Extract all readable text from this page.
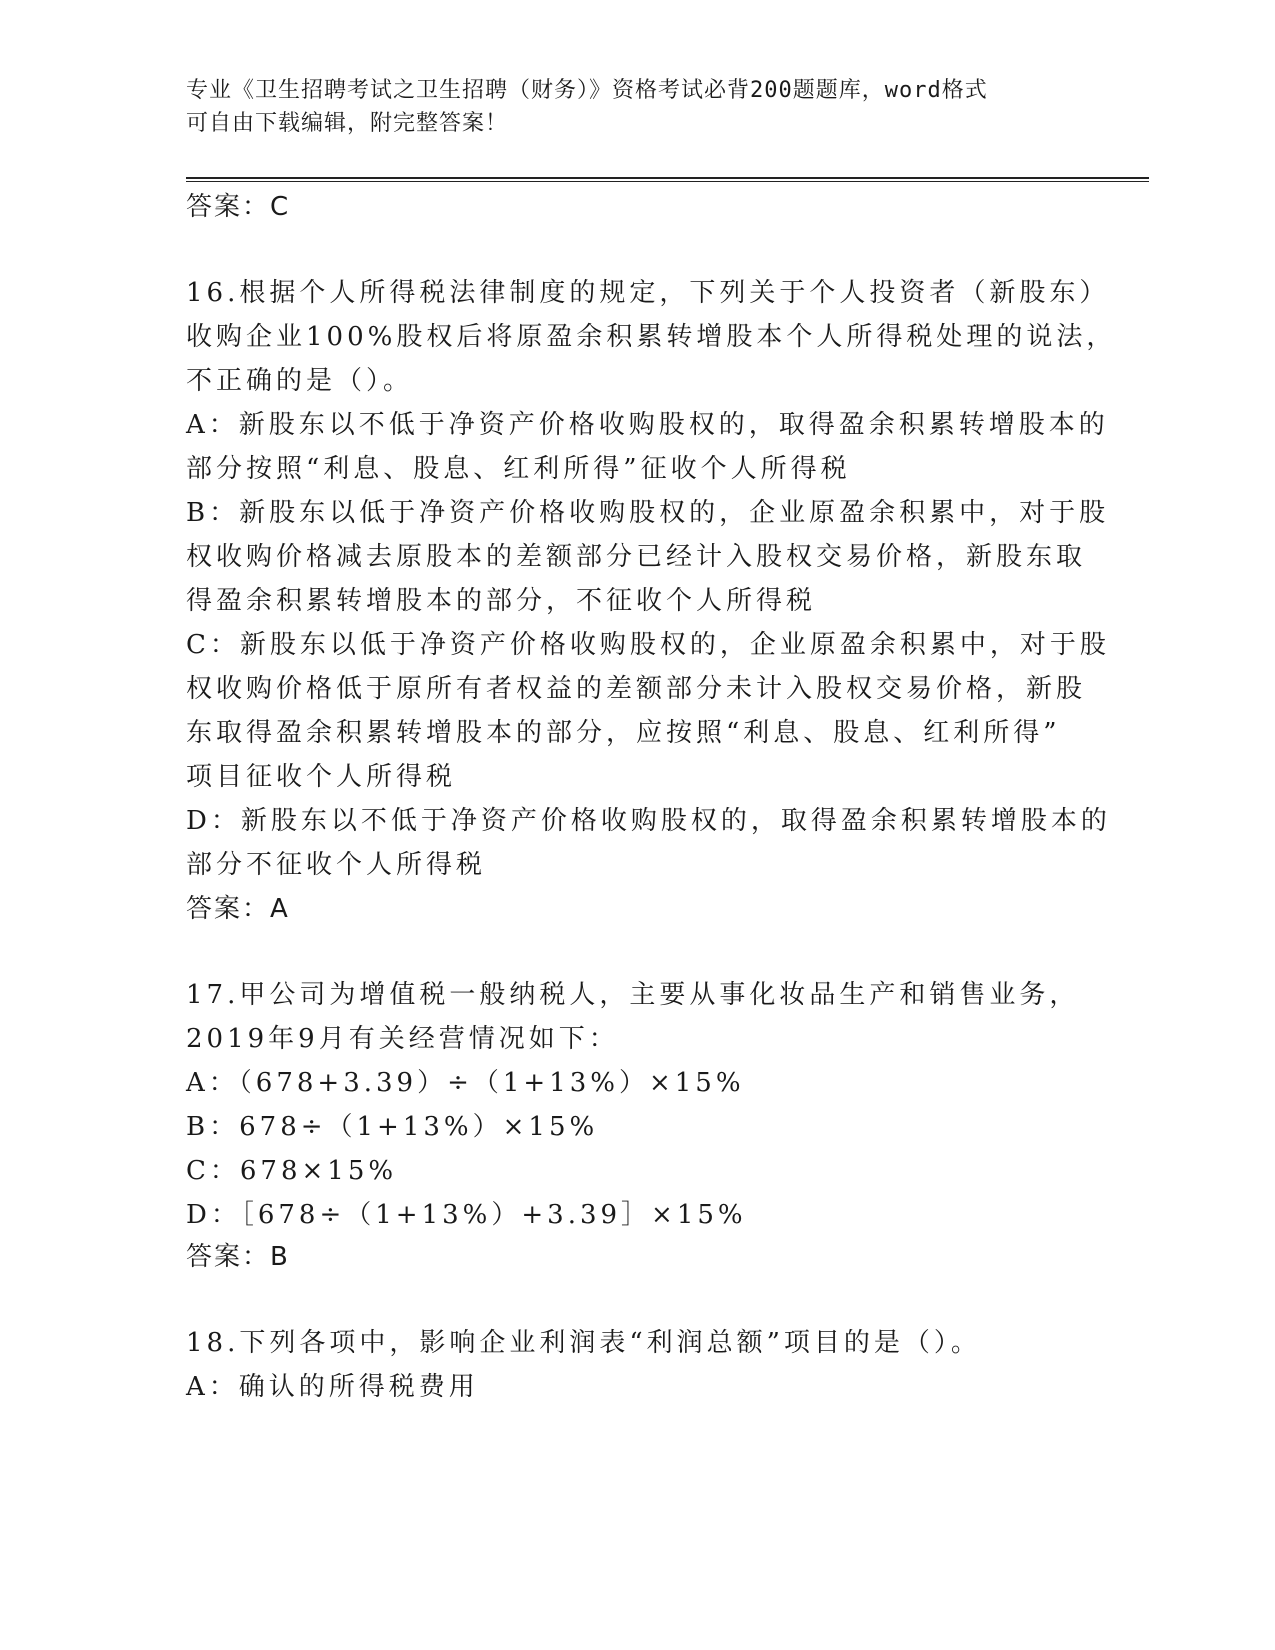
专业《卫生招聘考试之卫生招聘（财务）》资格考试必背200题题库，word格式
可自由下载编辑，附完整答案！
答案：C
16.根据个人所得税法律制度的规定，下列关于个人投资者（新股东）
收购企业100%股权后将原盈余积累转增股本个人所得税处理的说法，
不正确的是（）。
A：新股东以不低于净资产价格收购股权的，取得盈余积累转增股本的
部分按照“利息、股息、红利所得”征收个人所得税
B：新股东以低于净资产价格收购股权的，企业原盈余积累中，对于股
权收购价格减去原股本的差额部分已经计入股权交易价格，新股东取
得盈余积累转增股本的部分，不征收个人所得税
C：新股东以低于净资产价格收购股权的，企业原盈余积累中，对于股
权收购价格低于原所有者权益的差额部分未计入股权交易价格，新股
东取得盈余积累转增股本的部分，应按照“利息、股息、红利所得”
项目征收个人所得税
D：新股东以不低于净资产价格收购股权的，取得盈余积累转增股本的
部分不征收个人所得税
答案：A
17.甲公司为增值税一般纳税人，主要从事化妆品生产和销售业务，
2019年9月有关经营情况如下：
A：（678+3.39）÷（1+13%）×15%
B：678÷（1+13%）×15%
C：678×15%
D：［678÷（1+13%）+3.39］×15%
答案：B
18.下列各项中，影响企业利润表“利润总额”项目的是（）。
A：确认的所得税费用
